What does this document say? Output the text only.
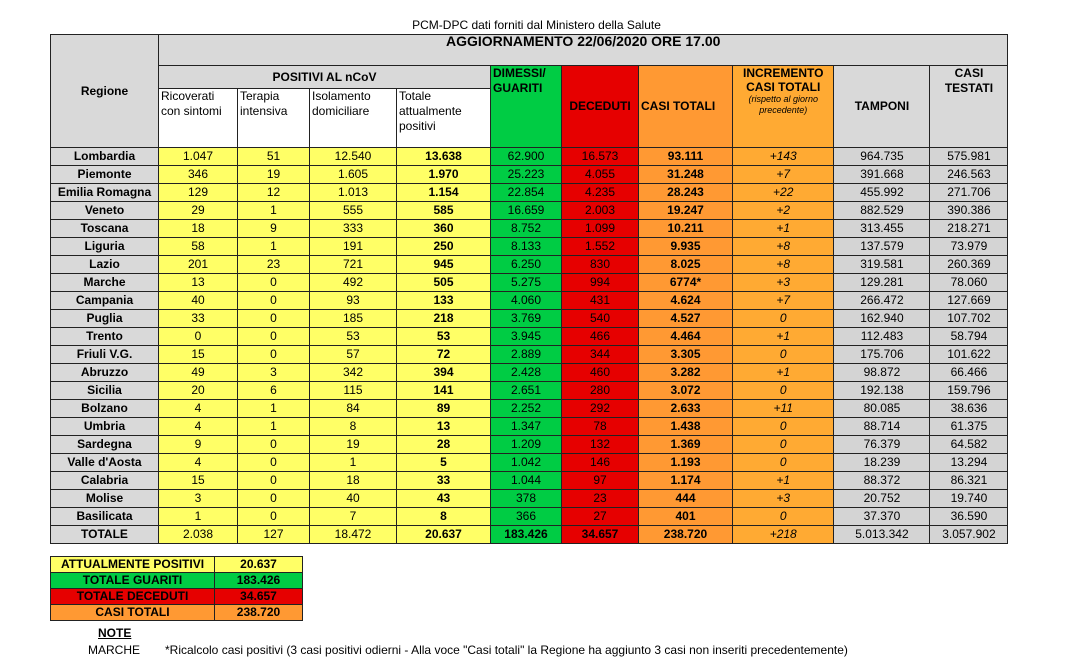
PCM-DPC dati forniti dal Ministero della Salute
Regione	AGGIORNAMENTO 22/06/2020 ORE 17.00									
	POSITIVI AL nCoV				DIMESSI/ GUARITI	DECEDUTI	CASI TOTALI	INCREMENTO CASI TOTALI
(rispetto al giorno precedente)	TAMPONI	CASI TESTATI
	Ricoverati con sintomi	Terapia intensiva	Isolamento domiciliare	Totale attualmente positivi						
Lombardia	1.047	51	12.540	13.638	62.900	16.573	93.111	+143	964.735	575.981
Piemonte	346	19	1.605	1.970	25.223	4.055	31.248	+7	391.668	246.563
Emilia Romagna	129	12	1.013	1.154	22.854	4.235	28.243	+22	455.992	271.706
Veneto	29	1	555	585	16.659	2.003	19.247	+2	882.529	390.386
Toscana	18	9	333	360	8.752	1.099	10.211	+1	313.455	218.271
Liguria	58	1	191	250	8.133	1.552	9.935	+8	137.579	73.979
Lazio	201	23	721	945	6.250	830	8.025	+8	319.581	260.369
Marche	13	0	492	505	5.275	994	6774*	+3	129.281	78.060
Campania	40	0	93	133	4.060	431	4.624	+7	266.472	127.669
Puglia	33	0	185	218	3.769	540	4.527	0	162.940	107.702
Trento	0	0	53	53	3.945	466	4.464	+1	112.483	58.794
Friuli V.G.	15	0	57	72	2.889	344	3.305	0	175.706	101.622
Abruzzo	49	3	342	394	2.428	460	3.282	+1	98.872	66.466
Sicilia	20	6	115	141	2.651	280	3.072	0	192.138	159.796
Bolzano	4	1	84	89	2.252	292	2.633	+11	80.085	38.636
Umbria	4	1	8	13	1.347	78	1.438	0	88.714	61.375
Sardegna	9	0	19	28	1.209	132	1.369	0	76.379	64.582
Valle d'Aosta	4	0	1	5	1.042	146	1.193	0	18.239	13.294
Calabria	15	0	18	33	1.044	97	1.174	+1	88.372	86.321
Molise	3	0	40	43	378	23	444	+3	20.752	19.740
Basilicata	1	0	7	8	366	27	401	0	37.370	36.590
TOTALE	2.038	127	18.472	20.637	183.426	34.657	238.720	+218	5.013.342	3.057.902
ATTUALMENTE POSITIVI	20.637
TOTALE GUARITI	183.426
TOTALE DECEDUTI	34.657
CASI TOTALI	238.720
NOTE
MARCHE *Ricalcolo casi positivi (3 casi positivi odierni - Alla voce "Casi totali" la Regione ha aggiunto 3 casi non inseriti precedentemente)
